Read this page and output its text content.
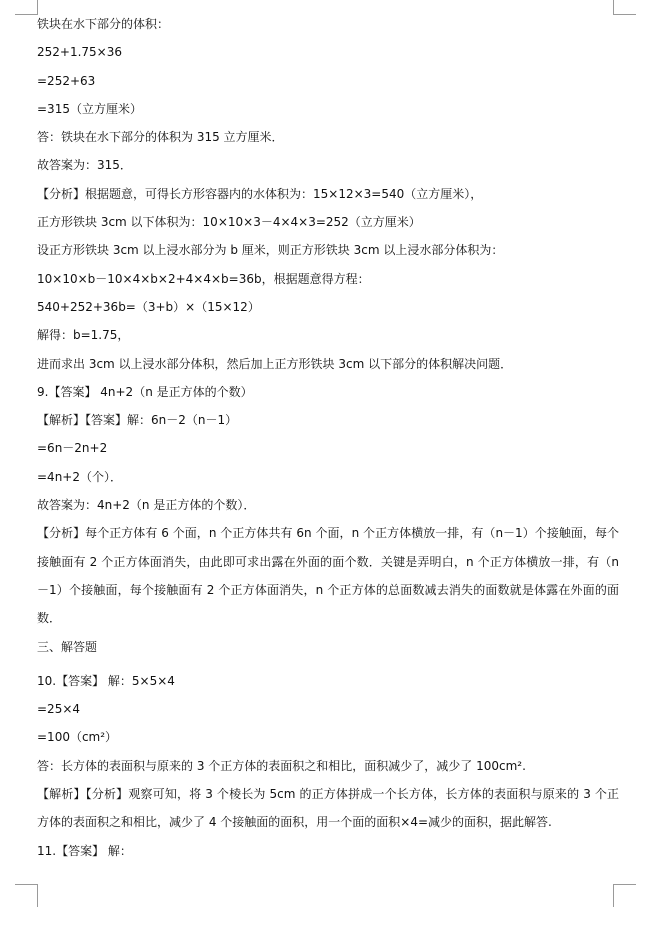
铁块在水下部分的体积：
252+1.75×36
=252+63
=315（立方厘米）
答：铁块在水下部分的体积为 315 立方厘米．
故答案为：315．
【分析】根据题意，可得长方形容器内的水体积为：15×12×3=540（立方厘米），
正方形铁块 3cm 以下体积为：10×10×3－4×4×3=252（立方厘米）
设正方形铁块 3cm 以上浸水部分为 b 厘米，则正方形铁块 3cm 以上浸水部分体积为：
10×10×b－10×4×b×2+4×4×b=36b，根据题意得方程：
540+252+36b=（3+b）×（15×12）
解得：b=1.75，
进而求出 3cm 以上浸水部分体积，然后加上正方形铁块 3cm 以下部分的体积解决问题．
9.【答案】 4n+2（n 是正方体的个数）
【解析】【答案】解：6n－2（n－1）
=6n－2n+2
=4n+2（个）．
故答案为：4n+2（n 是正方体的个数）．
【分析】每个正方体有 6 个面，n 个正方体共有 6n 个面，n 个正方体横放一排，有（n－1）个接触面，每个接触面有 2 个正方体面消失，由此即可求出露在外面的面个数．关键是弄明白，n 个正方体横放一排，有（n－1）个接触面，每个接触面有 2 个正方体面消失，n 个正方体的总面数减去消失的面数就是体露在外面的面数．
三、解答题
10.【答案】 解：5×5×4
=25×4
=100（cm²）
答：长方体的表面积与原来的 3 个正方体的表面积之和相比，面积减少了，减少了 100cm².
【解析】【分析】观察可知，将 3 个棱长为 5cm 的正方体拼成一个长方体，长方体的表面积与原来的 3 个正方体的表面积之和相比，减少了 4 个接触面的面积，用一个面的面积×4=减少的面积，据此解答.
11.【答案】 解：
